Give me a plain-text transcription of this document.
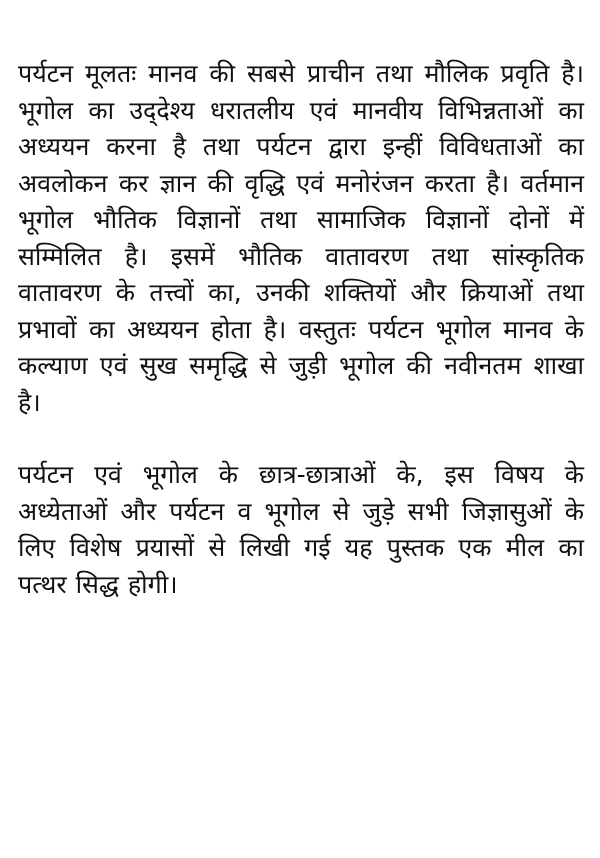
पर्यटन मूलतः मानव की सबसे प्राचीन तथा मौलिक प्रवृति है। भूगोल का उद्‌देश्य धरातलीय एवं मानवीय विभिन्नताओं का अध्ययन करना है तथा पर्यटन द्वारा इन्हीं विविधताओं का अवलोकन कर ज्ञान की वृद्धि एवं मनोरंजन करता है। वर्तमान भूगोल भौतिक विज्ञानों तथा सामाजिक विज्ञानों दोनों में सम्मिलित है। इसमें भौतिक वातावरण तथा सांस्कृतिक वातावरण के तत्त्वों का, उनकी शक्तियों और क्रियाओं तथा प्रभावों का अध्ययन होता है। वस्तुतः पर्यटन भूगोल मानव के कल्याण एवं सुख समृद्धि से जुड़ी भूगोल की नवीनतम शाखा है।

पर्यटन एवं भूगोल के छात्र-छात्राओं के, इस विषय के अध्येताओं और पर्यटन व भूगोल से जुड़े सभी जिज्ञासुओं के लिए विशेष प्रयासों से लिखी गई यह पुस्तक एक मील का पत्थर सिद्ध होगी।
